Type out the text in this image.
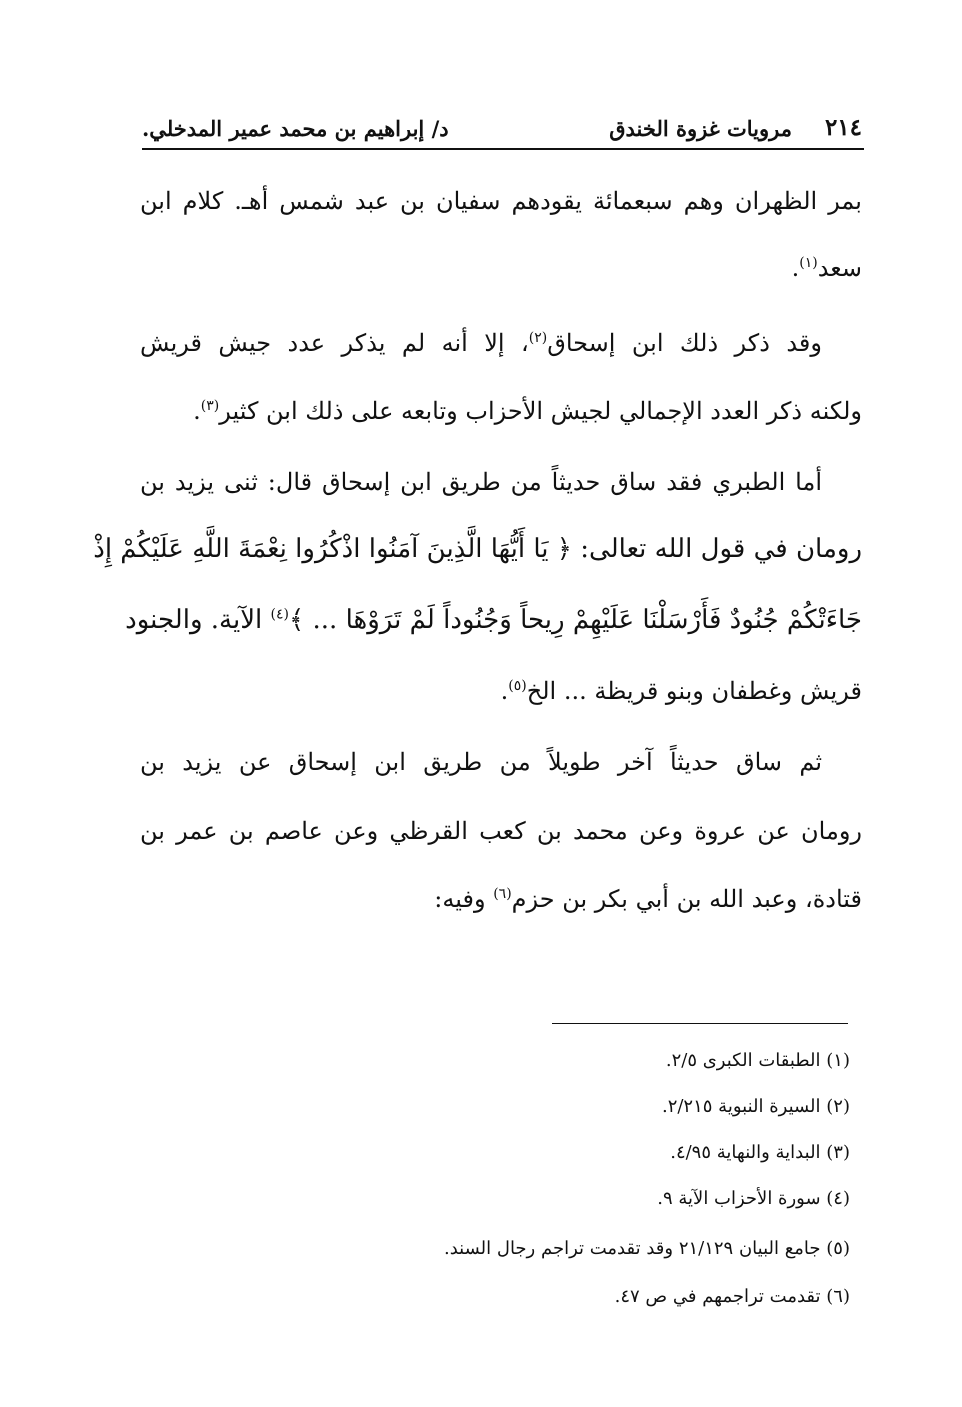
٢١٤
مرويات غزوة الخندق
د/ إبراهيم بن محمد عمير المدخلي.
بمر الظهران وهم سبعمائة يقودهم سفيان بن عبد شمس أهـ. كلام ابن
سعد$^{(١)}$.
وقد ذكر ذلك ابن إسحاق$^{(٢)}$، إلا أنه لم يذكر عدد جيش قريش
ولكنه ذكر العدد الإجمالي لجيش الأحزاب وتابعه على ذلك ابن كثير$^{(٣)}$.
أما الطبري فقد ساق حديثاً من طريق ابن إسحاق قال: ثنى يزيد بن
رومان في قول الله تعالى: ﴿ يَا أَيُّهَا الَّذِينَ آمَنُوا اذْكُرُوا نِعْمَةَ اللَّهِ عَلَيْكُمْ إِذْ
جَاءَتْكُمْ جُنُودٌ فَأَرْسَلْنَا عَلَيْهِمْ رِيحاً وَجُنُوداً لَمْ تَرَوْهَا ... ﴾$^{(٤)}$ الآية. والجنود
قريش وغطفان وبنو قريظة ... الخ$^{(٥)}$.
ثم ساق حديثاً آخر طويلاً من طريق ابن إسحاق عن يزيد بن
رومان عن عروة وعن محمد بن كعب القرظي وعن عاصم بن عمر بن
قتادة، وعبد الله بن أبي بكر بن حزم$^{(٦)}$ وفيه:
(١) الطبقات الكبرى ٢/٥.
(٢) السيرة النبوية ٢/٢١٥.
(٣) البداية والنهاية ٤/٩٥.
(٤) سورة الأحزاب الآية ٩.
(٥) جامع البيان ٢١/١٢٩ وقد تقدمت تراجم رجال السند.
(٦) تقدمت تراجمهم في ص ٤٧.
